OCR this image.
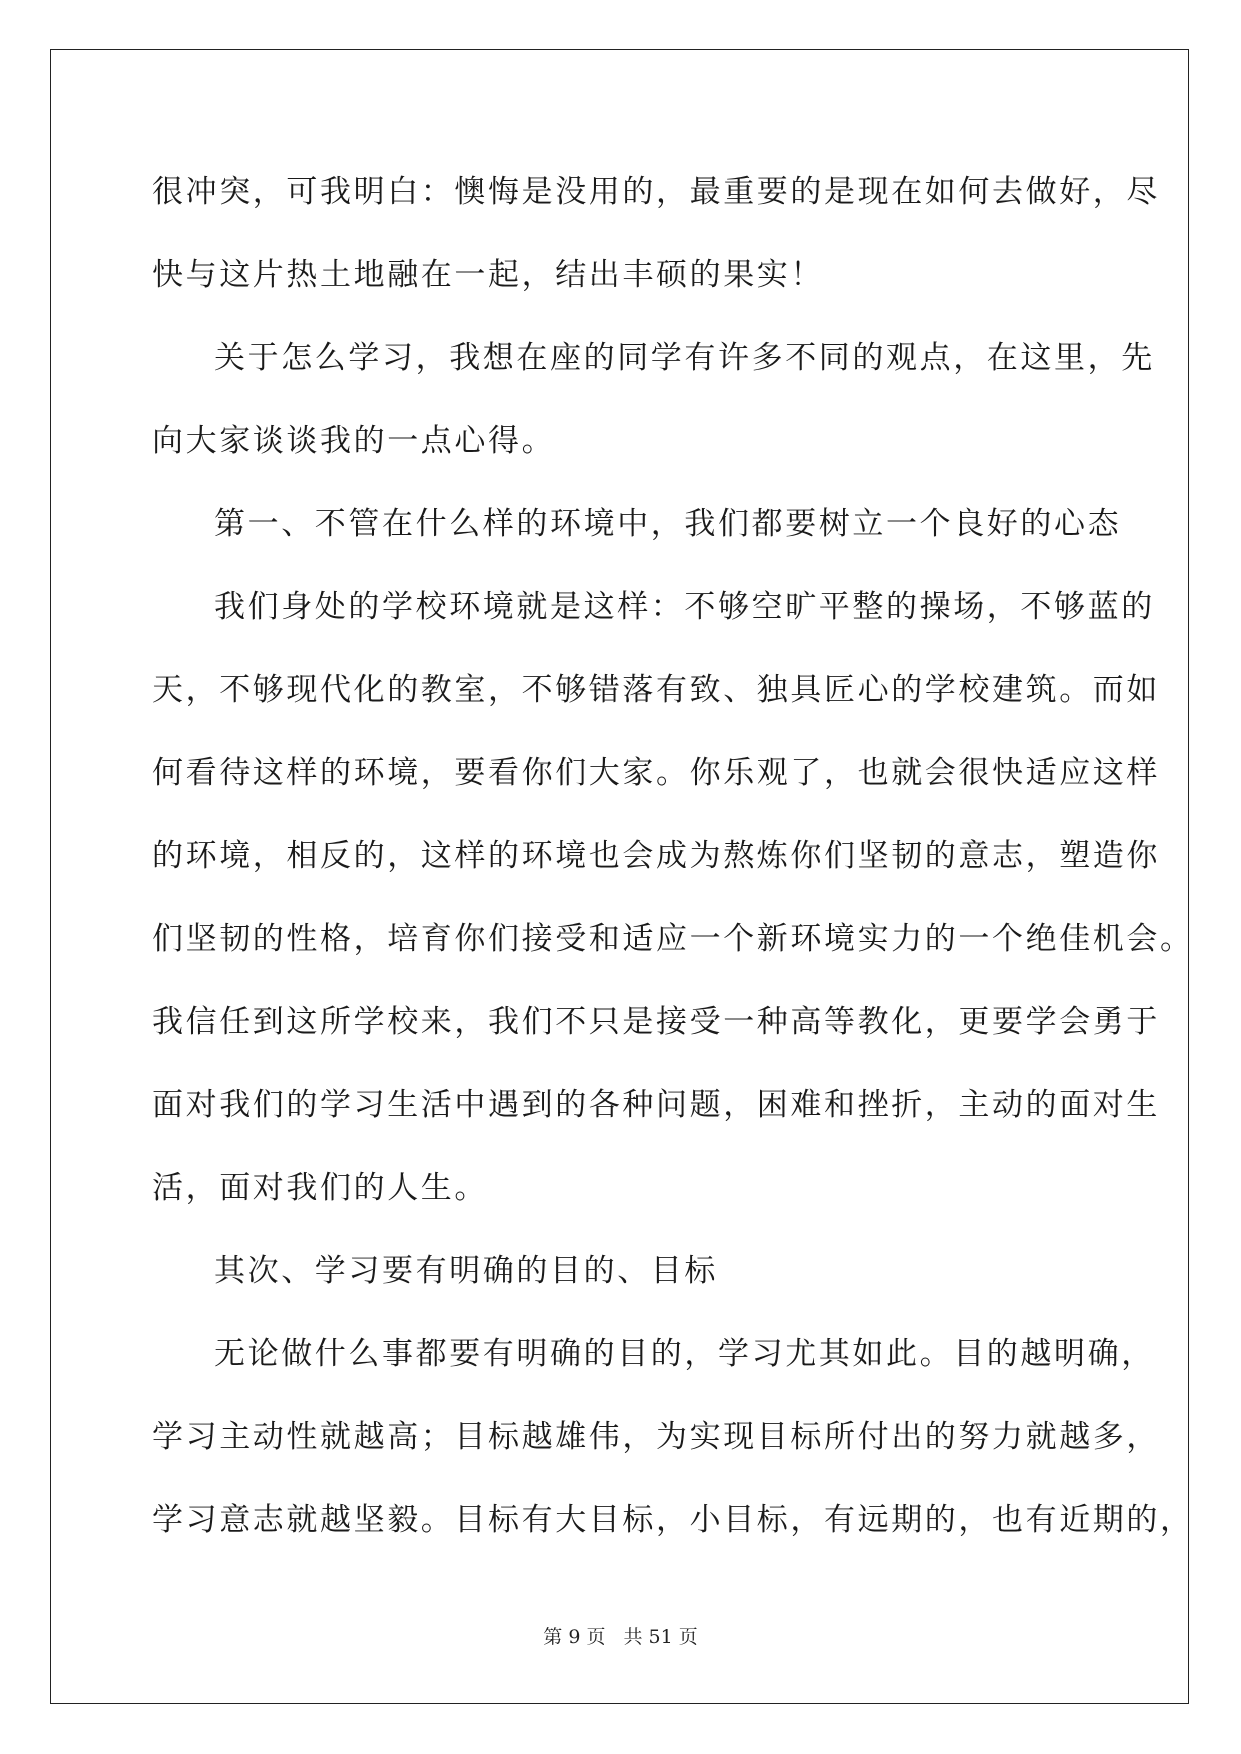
很冲突，可我明白：懊悔是没用的，最重要的是现在如何去做好，尽
快与这片热土地融在一起，结出丰硕的果实！
关于怎么学习，我想在座的同学有许多不同的观点，在这里，先
向大家谈谈我的一点心得。
第一、不管在什么样的环境中，我们都要树立一个良好的心态
我们身处的学校环境就是这样：不够空旷平整的操场，不够蓝的
天，不够现代化的教室，不够错落有致、独具匠心的学校建筑。而如
何看待这样的环境，要看你们大家。你乐观了，也就会很快适应这样
的环境，相反的，这样的环境也会成为熬炼你们坚韧的意志，塑造你
们坚韧的性格，培育你们接受和适应一个新环境实力的一个绝佳机会。
我信任到这所学校来，我们不只是接受一种高等教化，更要学会勇于
面对我们的学习生活中遇到的各种问题，困难和挫折，主动的面对生
活，面对我们的人生。
其次、学习要有明确的目的、目标
无论做什么事都要有明确的目的，学习尤其如此。目的越明确，
学习主动性就越高；目标越雄伟，为实现目标所付出的努力就越多，
学习意志就越坚毅。目标有大目标，小目标，有远期的，也有近期的，
第 9 页 共 51 页
